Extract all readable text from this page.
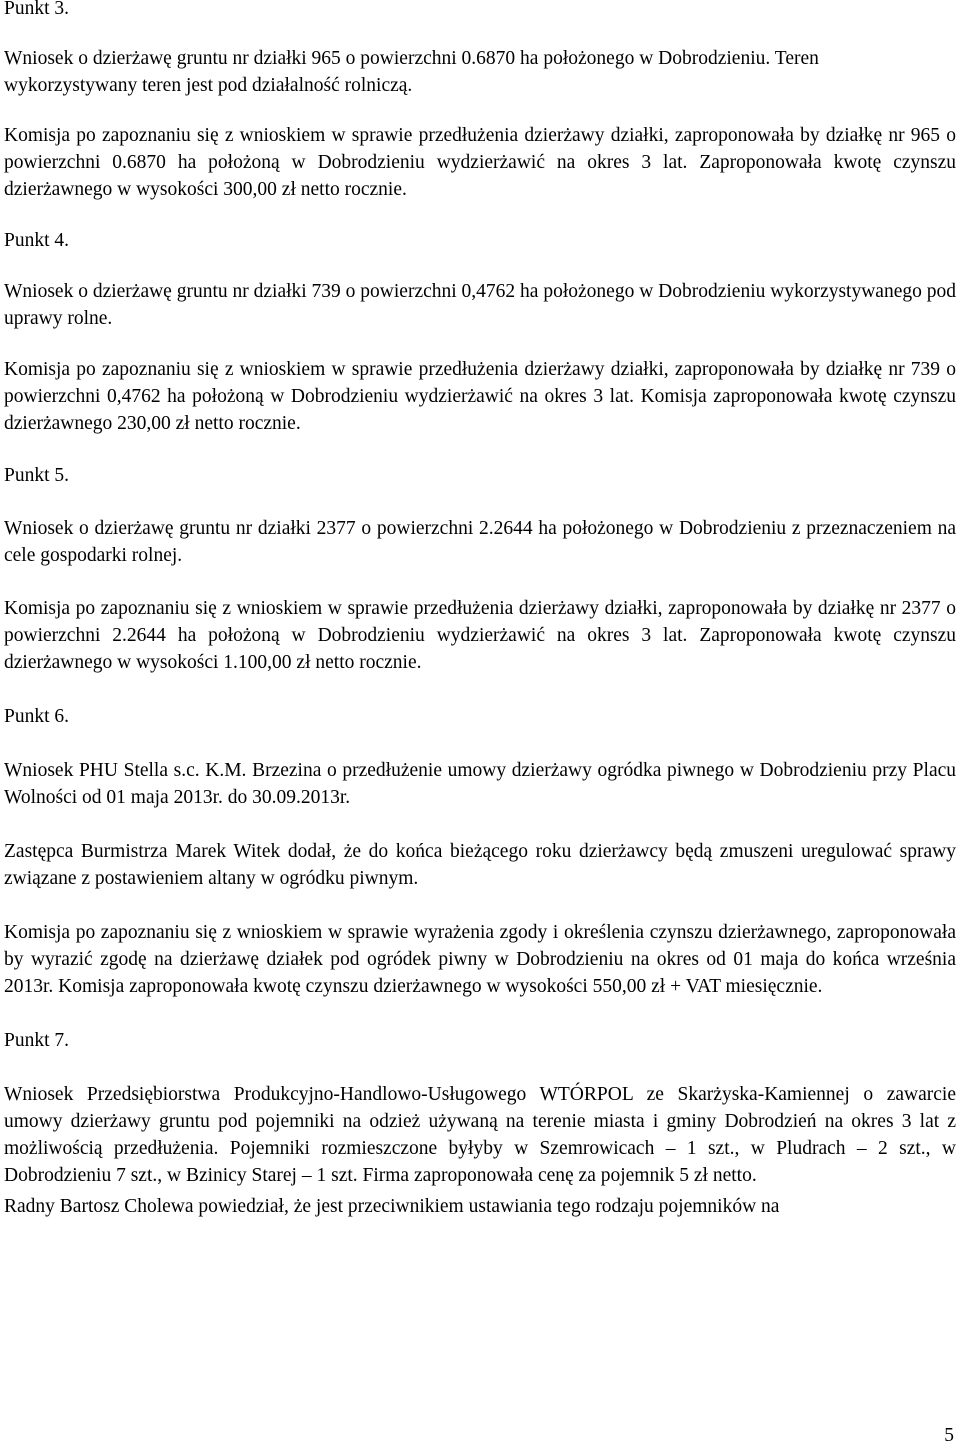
Punkt 3.

Wniosek o dzierżawę gruntu nr działki 965 o powierzchni 0.6870 ha położonego w Dobrodzieniu. Teren wykorzystywany teren jest pod działalność rolniczą.

Komisja po zapoznaniu się z wnioskiem w sprawie przedłużenia dzierżawy działki, zaproponowała by działkę nr 965 o powierzchni 0.6870 ha położoną w Dobrodzieniu wydzierżawić na okres 3 lat. Zaproponowała kwotę czynszu dzierżawnego w wysokości 300,00 zł netto rocznie.

Punkt 4.

Wniosek o dzierżawę gruntu nr działki 739 o powierzchni 0,4762 ha położonego w Dobrodzieniu wykorzystywanego pod uprawy rolne.

Komisja po zapoznaniu się z wnioskiem w sprawie przedłużenia dzierżawy działki, zaproponowała by działkę nr 739 o powierzchni 0,4762 ha położoną w Dobrodzieniu wydzierżawić na okres 3 lat. Komisja zaproponowała kwotę czynszu dzierżawnego 230,00 zł netto rocznie.

Punkt 5.

Wniosek o dzierżawę gruntu nr działki 2377 o powierzchni 2.2644 ha położonego w Dobrodzieniu z przeznaczeniem na cele gospodarki rolnej.

Komisja po zapoznaniu się z wnioskiem w sprawie przedłużenia dzierżawy działki, zaproponowała by działkę nr 2377 o powierzchni 2.2644 ha położoną w Dobrodzieniu wydzierżawić na okres 3 lat. Zaproponowała kwotę czynszu dzierżawnego w wysokości 1.100,00 zł netto rocznie.

Punkt 6.

Wniosek PHU Stella s.c. K.M. Brzezina o przedłużenie umowy dzierżawy ogródka piwnego w Dobrodzieniu przy Placu Wolności od 01 maja 2013r. do 30.09.2013r.

Zastępca Burmistrza Marek Witek dodał, że do końca bieżącego roku dzierżawcy będą zmuszeni uregulować sprawy związane z postawieniem altany w ogródku piwnym.

Komisja po zapoznaniu się z wnioskiem w sprawie wyrażenia zgody i określenia czynszu dzierżawnego, zaproponowała by wyrazić zgodę na dzierżawę działek pod ogródek piwny w Dobrodzieniu na okres od 01 maja do końca września 2013r. Komisja zaproponowała kwotę czynszu dzierżawnego w wysokości 550,00 zł + VAT miesięcznie.

Punkt 7.

Wniosek Przedsiębiorstwa Produkcyjno-Handlowo-Usługowego WTÓRPOL ze Skarżyska-Kamiennej o zawarcie umowy dzierżawy gruntu pod pojemniki na odzież używaną na terenie miasta i gminy Dobrodzień na okres 3 lat z możliwością przedłużenia. Pojemniki rozmieszczone byłyby w Szemrowicach – 1 szt., w Pludrach – 2 szt., w Dobrodzieniu 7 szt., w Bzinicy Starej – 1 szt. Firma zaproponowała cenę za pojemnik 5 zł netto.

Radny Bartosz Cholewa powiedział, że jest przeciwnikiem ustawiania tego rodzaju pojemników na

5
